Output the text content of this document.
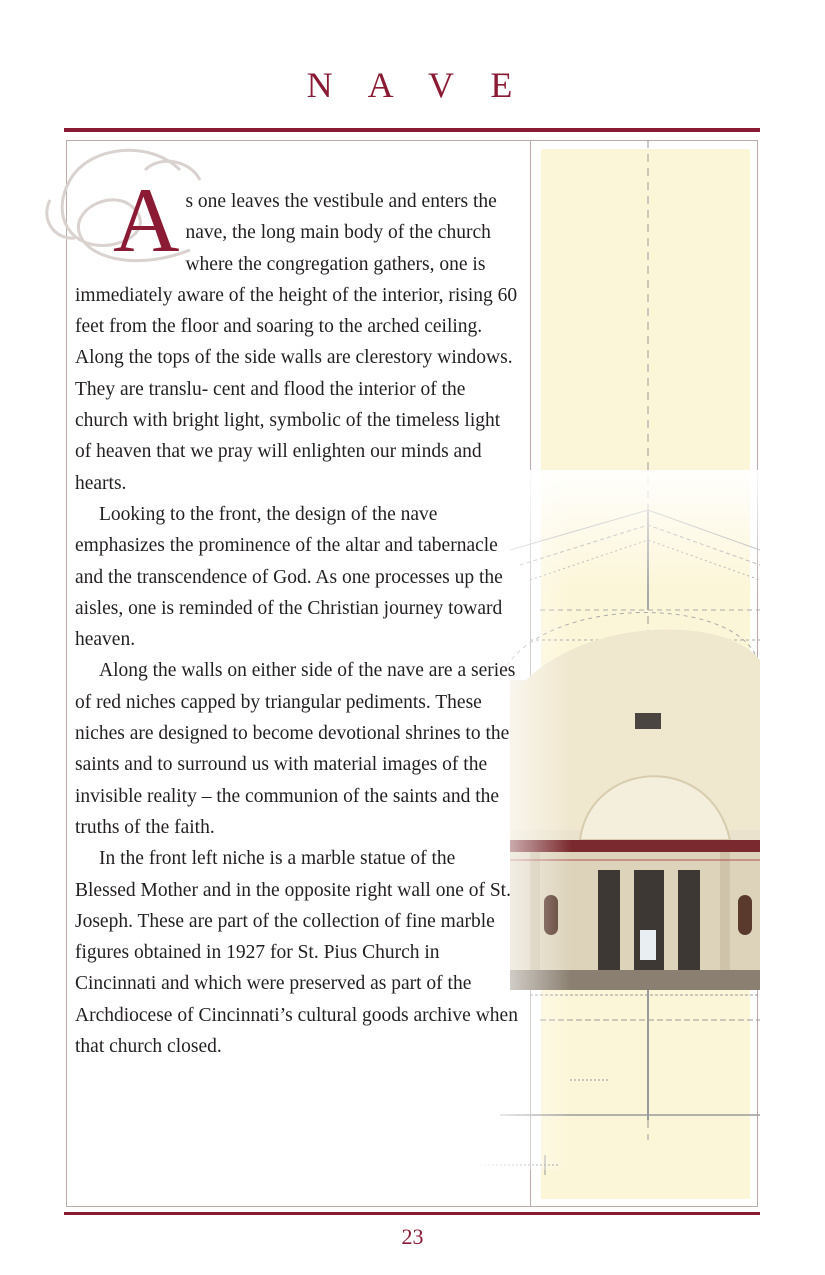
N A V E

As one leaves the vestibule and enters the nave, the long main body of the church where the congregation gathers, one is immediately aware of the height of the interior, rising 60 feet from the floor and soaring to the arched ceiling. Along the tops of the side walls are clerestory windows. They are translu- cent and flood the interior of the church with bright light, symbolic of the timeless light of heaven that we pray will enlighten our minds and hearts.

Looking to the front, the design of the nave emphasizes the prominence of the altar and tabernacle and the transcendence of God. As one processes up the aisles, one is reminded of the Christian journey toward heaven.

Along the walls on either side of the nave are a series of red niches capped by triangular pediments. These niches are designed to become devotional shrines to the saints and to surround us with material images of the invisible reality – the communion of the saints and the truths of the faith.

In the front left niche is a marble statue of the Blessed Mother and in the opposite right wall one of St. Joseph. These are part of the collection of fine marble figures obtained in 1927 for St. Pius Church in Cincinnati and which were preserved as part of the Archdiocese of Cincinnati’s cultural goods archive when that church closed.

23
